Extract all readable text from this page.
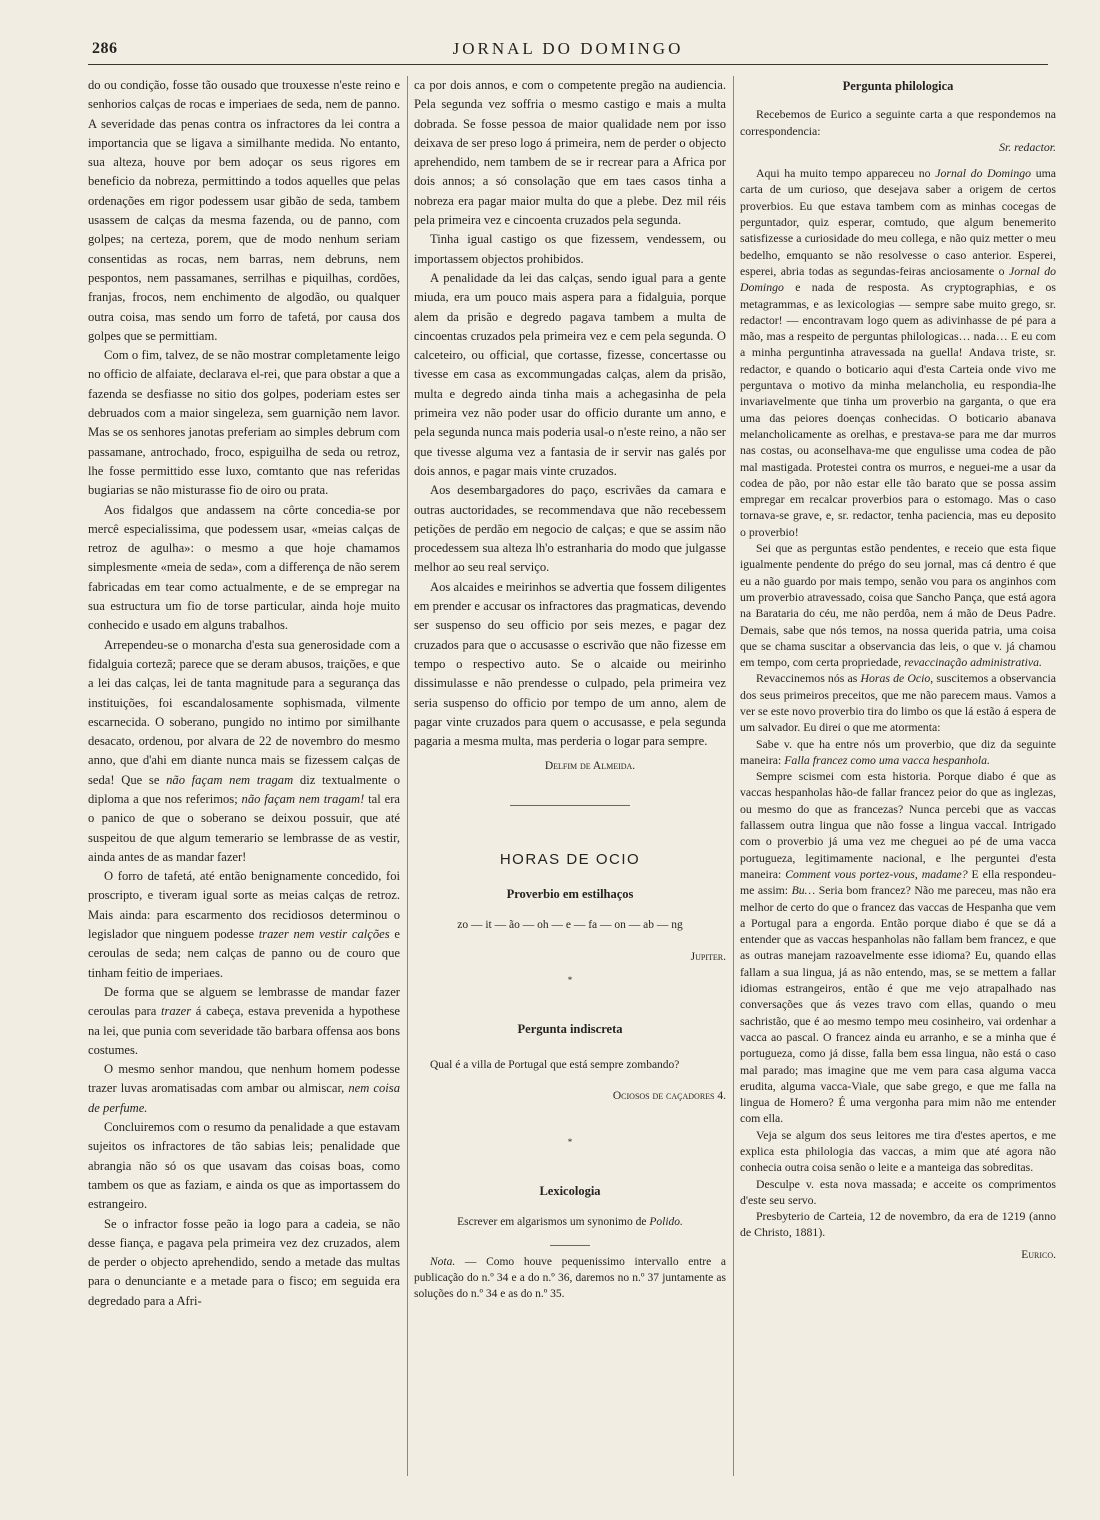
286	JORNAL DO DOMINGO

do ou condição, fosse tão ousado que trouxesse n'este reino e senhorios calças de rocas e imperiaes de seda, nem de panno. A severidade das penas contra os infractores da lei contra a importancia que se ligava a similhante medida. No entanto, sua alteza, houve por bem adoçar os seus rigores em beneficio da nobreza, permittindo a todos aquelles que pelas ordenações em rigor podessem usar gibão de seda, tambem usassem de calças da mesma fazenda, ou de panno, com golpes; na certeza, porem, que de modo nenhum seriam consentidas as rocas, nem barras, nem debruns, nem pespontos, nem passamanes, serrilhas e piquilhas, cordões, franjas, frocos, nem enchimento de algodão, ou qualquer outra coisa, mas sendo um forro de tafetá, por causa dos golpes que se permittiam.

Com o fim, talvez, de se não mostrar completamente leigo no officio de alfaiate, declarava el-rei, que para obstar a que a fazenda se desfiasse no sitio dos golpes, poderiam estes ser debruados com a maior singeleza, sem guarnição nem lavor. Mas se os senhores janotas preferiam ao simples debrum com passamane, antrochado, froco, espiguilha de seda ou retroz, lhe fosse permittido esse luxo, comtanto que nas referidas bugiarias se não misturasse fio de oiro ou prata.

Aos fidalgos que andassem na côrte concedia-se por mercê especialissima, que podessem usar, «meias calças de retroz de agulha»: o mesmo a que hoje chamamos simplesmente «meia de seda», com a differença de não serem fabricadas em tear como actualmente, e de se empregar na sua estructura um fio de torse particular, ainda hoje muito conhecido e usado em alguns trabalhos.

Arrependeu-se o monarcha d'esta sua generosidade com a fidalguia cortezã; parece que se deram abusos, traições, e que a lei das calças, lei de tanta magnitude para a segurança das instituições, foi escandalosamente sophismada, vilmente escarnecida. O soberano, pungido no intimo por similhante desacato, ordenou, por alvara de 22 de novembro do mesmo anno, que d'ahi em diante nunca mais se fizessem calças de seda! Que se não façam nem tragam diz textualmente o diploma a que nos referimos; não façam nem tragam! tal era o panico de que o soberano se deixou possuir, que até suspeitou de que algum temerario se lembrasse de as vestir, ainda antes de as mandar fazer!

O forro de tafetá, até então benignamente concedido, foi proscripto, e tiveram igual sorte as meias calças de retroz. Mais ainda: para escarmento dos recidiosos determinou o legislador que ninguem podesse trazer nem vestir calções e ceroulas de seda; nem calças de panno ou de couro que tinham feitio de imperiaes.

De forma que se alguem se lembrasse de mandar fazer ceroulas para trazer á cabeça, estava prevenida a hypothese na lei, que punia com severidade tão barbara offensa aos bons costumes.

O mesmo senhor mandou, que nenhum homem podesse trazer luvas aromatisadas com ambar ou almiscar, nem coisa de perfume.

Concluiremos com o resumo da penalidade a que estavam sujeitos os infractores de tão sabias leis; penalidade que abrangia não só os que usavam das coisas boas, como tambem os que as faziam, e ainda os que as importassem do estrangeiro.

Se o infractor fosse peão ia logo para a cadeia, se não desse fiança, e pagava pela primeira vez dez cruzados, alem de perder o objecto aprehendido, sendo a metade das multas para o denunciante e a metade para o fisco; em seguida era degredado para a Afri-

ca por dois annos, e com o competente pregão na audiencia. Pela segunda vez soffria o mesmo castigo e mais a multa dobrada. Se fosse pessoa de maior qualidade nem por isso deixava de ser preso logo á primeira, nem de perder o objecto aprehendido, nem tambem de se ir recrear para a Africa por dois annos; a só consolação que em taes casos tinha a nobreza era pagar maior multa do que a plebe. Dez mil réis pela primeira vez e cincoenta cruzados pela segunda.

Tinha igual castigo os que fizessem, vendessem, ou importassem objectos prohibidos.

A penalidade da lei das calças, sendo igual para a gente miuda, era um pouco mais aspera para a fidalguia, porque alem da prisão e degredo pagava tambem a multa de cincoentas cruzados pela primeira vez e cem pela segunda. O calceteiro, ou official, que cortasse, fizesse, concertasse ou tivesse em casa as excommungadas calças, alem da prisão, multa e degredo ainda tinha mais a achegasinha de pela primeira vez não poder usar do officio durante um anno, e pela segunda nunca mais poderia usal-o n'este reino, a não ser que tivesse alguma vez a fantasia de ir servir nas galés por dois annos, e pagar mais vinte cruzados.

Aos desembargadores do paço, escrivães da camara e outras auctoridades, se recommendava que não recebessem petições de perdão em negocio de calças; e que se assim não procedessem sua alteza lh'o estranharia do modo que julgasse melhor ao seu real serviço.

Aos alcaides e meirinhos se advertia que fossem diligentes em prender e accusar os infractores das pragmaticas, devendo ser suspenso do seu officio por seis mezes, e pagar dez cruzados para que o accusasse o escrivão que não fizesse em tempo o respectivo auto. Se o alcaide ou meirinho dissimulasse e não prendesse o culpado, pela primeira vez seria suspenso do officio por tempo de um anno, alem de pagar vinte cruzados para quem o accusasse, e pela segunda pagaria a mesma multa, mas perderia o logar para sempre.

Delfim de Almeida.
HORAS DE OCIO
Proverbio em estilhaços
zo — it — ão — oh — e — fa — on — ab — ng
Jupiter.
*
Pergunta indiscreta

Qual é a villa de Portugal que está sempre zombando?

Ociosos de caçadores 4.
*
Lexicologia
Escrever em algarismos um synonimo de Polido.

Nota. — Como houve pequenissimo intervallo entre a publicação do n.º 34 e a do n.º 36, daremos no n.º 37 juntamente as soluções do n.º 34 e as do n.º 35.

Pergunta philologica

Recebemos de Eurico a seguinte carta a que respondemos na correspondencia:

Sr. redactor.

Aqui ha muito tempo appareceu no Jornal do Domingo uma carta de um curioso, que desejava saber a origem de certos proverbios. Eu que estava tambem com as minhas cocegas de perguntador, quiz esperar, comtudo, que algum benemerito satisfizesse a curiosidade do meu collega, e não quiz metter o meu bedelho, emquanto se não resolvesse o caso anterior. Esperei, esperei, abria todas as segundas-feiras anciosamente o Jornal do Domingo e nada de resposta. As cryptographias, e os metagrammas, e as lexicologias — sempre sabe muito grego, sr. redactor! — encontravam logo quem as adivinhasse de pé para a mão, mas a respeito de perguntas philologicas… nada… E eu com a minha perguntinha atravessada na guella! Andava triste, sr. redactor, e quando o boticario aqui d'esta Carteia onde vivo me perguntava o motivo da minha melancholia, eu respondia-lhe invariavelmente que tinha um proverbio na garganta, o que era uma das peiores doenças conhecidas. O boticario abanava melancholicamente as orelhas, e prestava-se para me dar murros nas costas, ou aconselhava-me que engulisse uma codea de pão mal mastigada. Protestei contra os murros, e neguei-me a usar da codea de pão, por não estar elle tão barato que se possa assim empregar em recalcar proverbios para o estomago. Mas o caso tornava-se grave, e, sr. redactor, tenha paciencia, mas eu deposito o proverbio!

Sei que as perguntas estão pendentes, e receio que esta fique igualmente pendente do prégo do seu jornal, mas cá dentro é que eu a não guardo por mais tempo, senão vou para os anginhos com um proverbio atravessado, coisa que Sancho Pança, que está agora na Barataria do céu, me não perdôa, nem á mão de Deus Padre. Demais, sabe que nós temos, na nossa querida patria, uma coisa que se chama suscitar a observancia das leis, o que v. já chamou em tempo, com certa propriedade, revaccinação administrativa.

Revaccinemos nós as Horas de Ocio, suscitemos a observancia dos seus primeiros preceitos, que me não parecem maus. Vamos a ver se este novo proverbio tira do limbo os que lá estão á espera de um salvador. Eu direi o que me atormenta:

Sabe v. que ha entre nós um proverbio, que diz da seguinte maneira: Falla francez como uma vacca hespanhola.

Sempre scismei com esta historia. Porque diabo é que as vaccas hespanholas hão-de fallar francez peior do que as inglezas, ou mesmo do que as francezas? Nunca percebi que as vaccas fallassem outra lingua que não fosse a lingua vaccal. Intrigado com o proverbio já uma vez me cheguei ao pé de uma vacca portugueza, legitimamente nacional, e lhe perguntei d'esta maneira: Comment vous portez-vous, madame? E ella respondeu-me assim: Bu… Seria bom francez? Não me pareceu, mas não era melhor de certo do que o francez das vaccas de Hespanha que vem a Portugal para a engorda. Então porque diabo é que se dá a entender que as vaccas hespanholas não fallam bem francez, e que as outras manejam razoavelmente esse idioma? Eu, quando ellas fallam a sua lingua, já as não entendo, mas, se se mettem a fallar idiomas estrangeiros, então é que me vejo atrapalhado nas conversações que ás vezes travo com ellas, quando o meu sachristão, que é ao mesmo tempo meu cosinheiro, vai ordenhar a vacca ao pascal. O francez ainda eu arranho, e se a minha que é portugueza, como já disse, falla bem essa lingua, não está o caso mal parado; mas imagine que me vem para casa alguma vacca erudita, alguma vacca-Viale, que sabe grego, e que me falla na lingua de Homero? É uma vergonha para mim não me entender com ella.

Veja se algum dos seus leitores me tira d'estes apertos, e me explica esta philologia das vaccas, a mim que até agora não conhecia outra coisa senão o leite e a manteiga das sobreditas.

Desculpe v. esta nova massada; e acceite os comprimentos d'este seu servo.

Presbyterio de Carteia, 12 de novembro, da era de 1219 (anno de Christo, 1881).

Eurico.
